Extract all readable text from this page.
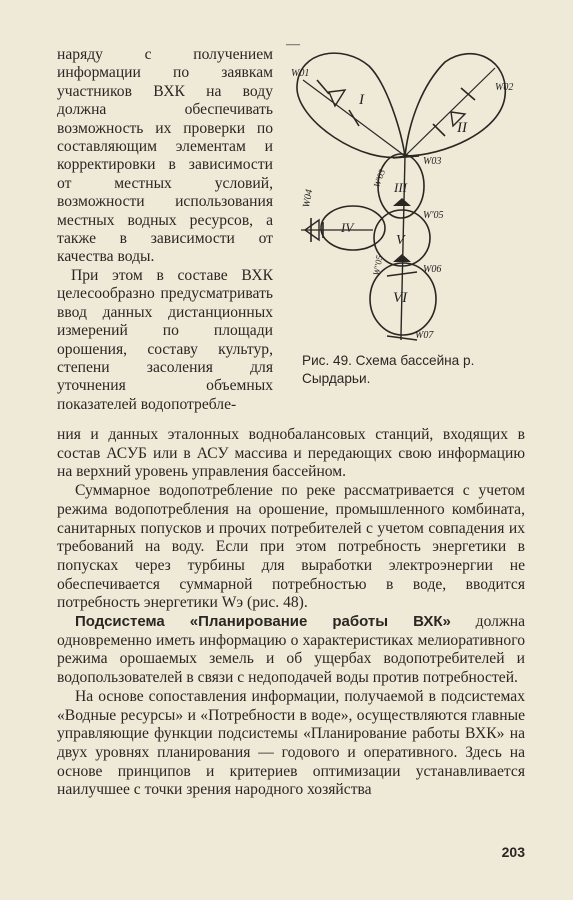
—

наряду с получением информации по заявкам участников ВХК на воду должна обеспечивать возможность их проверки по составляющим элементам и корректировки в зависимости от местных условий, возможности использования местных водных ресурсов, а также в зависимости от качества воды.

При этом в составе ВХК целесообразно предусматривать ввод данных дистанционных измерений по площади орошения, составу культур, степени засоления для уточнения объемных показателей водопотребле-

I
II
III
IV
V
VI
W01
W02
W03
W'03
W04
W'05
W''05	W06
W07
Рис. 49. Схема бассейна р. Сырдарьи.

ния и данных эталонных воднобалансовых станций, входящих в состав АСУБ или в АСУ массива и передающих свою информацию на верхний уровень управления бассейном.

Суммарное водопотребление по реке рассматривается с учетом режима водопотребления на орошение, промышленного комбината, санитарных попусков и прочих потребителей с учетом совпадения их требований на воду. Если при этом потребность энергетики в попусках через турбины для выработки электроэнергии не обеспечивается суммарной потребностью в воде, вводится потребность энергетики Wэ (рис. 48).

Подсистема «Планирование работы ВХК» должна одновременно иметь информацию о характеристиках мелиоративного режима орошаемых земель и об ущербах водопотребителей и водопользователей в связи с недоподачей воды против потребностей.

На основе сопоставления информации, получаемой в подсистемах «Водные ресурсы» и «Потребности в воде», осуществляются главные управляющие функции подсистемы «Планирование работы ВХК» на двух уровнях планирования — годового и оперативного. Здесь на основе принципов и критериев оптимизации устанавливается наилучшее с точки зрения народного хозяйства

203
